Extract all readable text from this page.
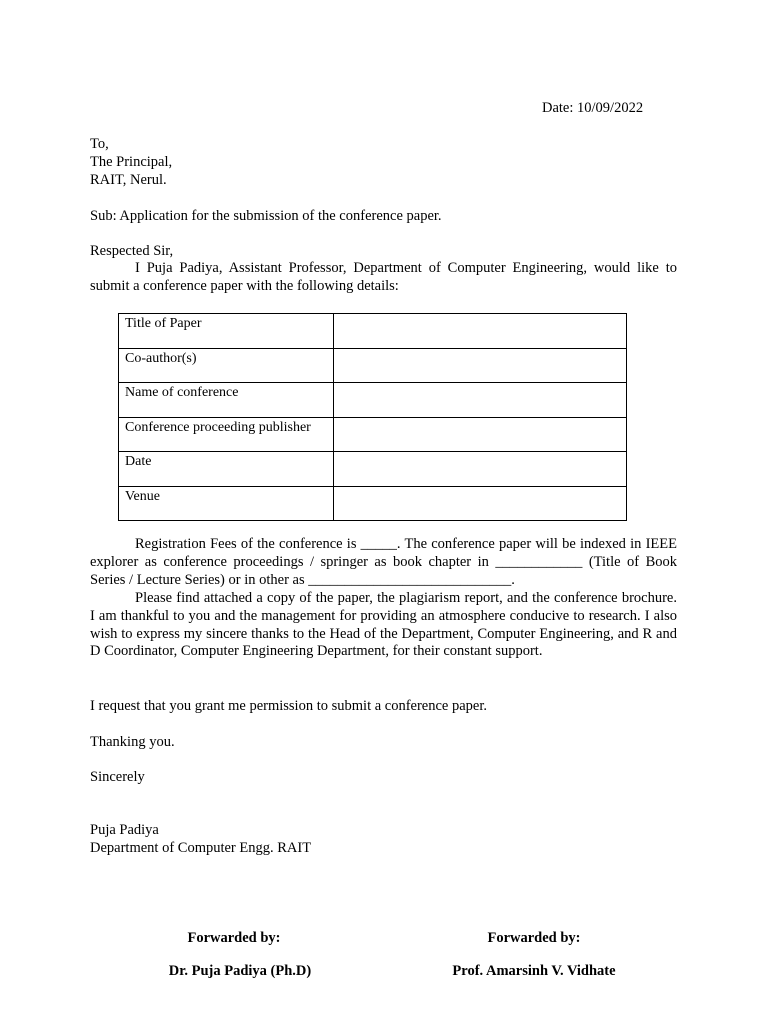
Date: 10/09/2022
To,
The Principal,
RAIT, Nerul.
Sub: Application for the submission of the conference paper.
Respected Sir,
I Puja Padiya, Assistant Professor, Department of Computer Engineering, would like to submit a conference paper with the following details:
Title of Paper	
Co-author(s)	
Name of conference	
Conference proceeding publisher	
Date	
Venue	
Registration Fees of the conference is _____. The conference paper will be indexed in IEEE explorer as conference proceedings / springer as book chapter in ____________ (Title of Book Series / Lecture Series) or in other as ____________________________.
Please find attached a copy of the paper, the plagiarism report, and the conference brochure. I am thankful to you and the management for providing an atmosphere conducive to research. I also wish to express my sincere thanks to the Head of the Department, Computer Engineering, and R and D Coordinator, Computer Engineering Department, for their constant support.
I request that you grant me permission to submit a conference paper.
Thanking you.
Sincerely
Puja Padiya
Department of Computer Engg. RAIT
Forwarded by:
Dr. Puja Padiya (Ph.D)
Forwarded by:
Prof. Amarsinh V. Vidhate
